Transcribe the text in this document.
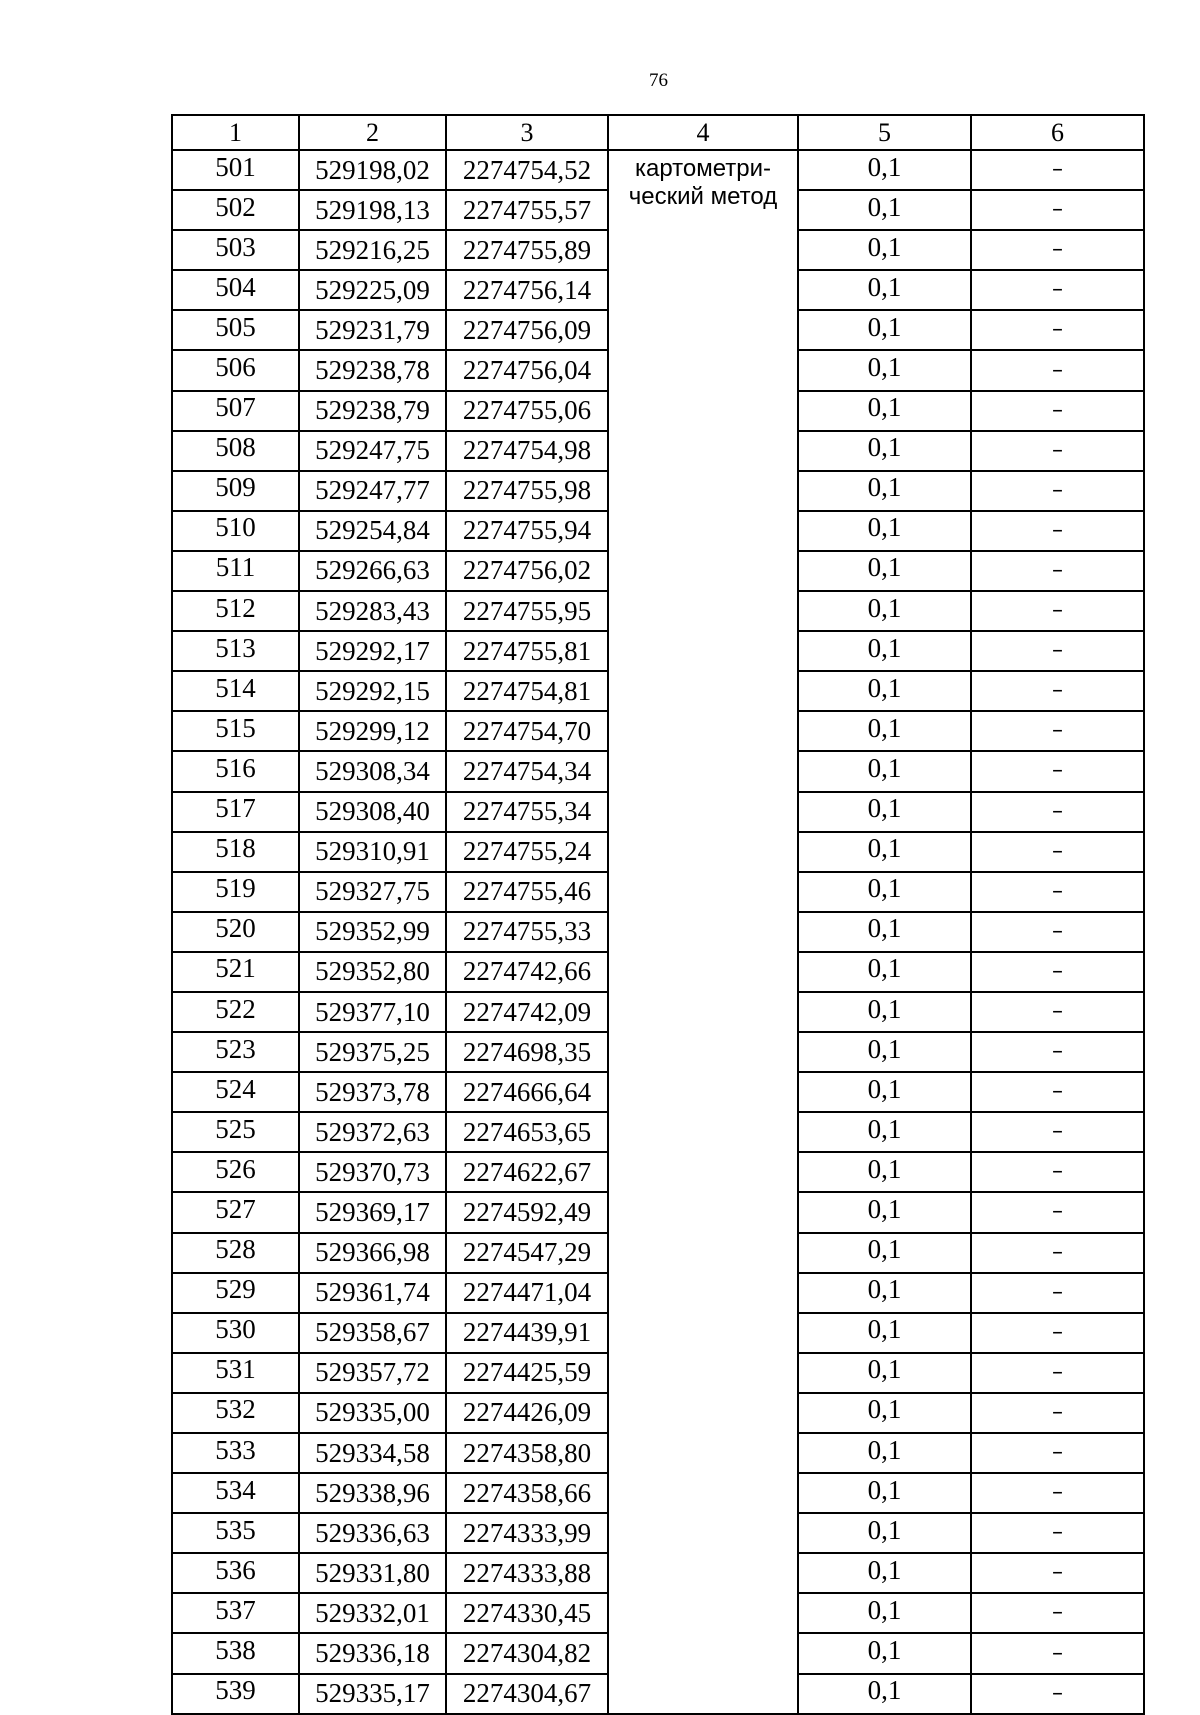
76
1	2	3	4	5	6
501	529198,02	2274754,52	картометри-ческий метод	0,1	–
502	529198,13	2274755,57		0,1	–
503	529216,25	2274755,89		0,1	–
504	529225,09	2274756,14		0,1	–
505	529231,79	2274756,09		0,1	–
506	529238,78	2274756,04		0,1	–
507	529238,79	2274755,06		0,1	–
508	529247,75	2274754,98		0,1	–
509	529247,77	2274755,98		0,1	–
510	529254,84	2274755,94		0,1	–
511	529266,63	2274756,02		0,1	–
512	529283,43	2274755,95		0,1	–
513	529292,17	2274755,81		0,1	–
514	529292,15	2274754,81		0,1	–
515	529299,12	2274754,70		0,1	–
516	529308,34	2274754,34		0,1	–
517	529308,40	2274755,34		0,1	–
518	529310,91	2274755,24		0,1	–
519	529327,75	2274755,46		0,1	–
520	529352,99	2274755,33		0,1	–
521	529352,80	2274742,66		0,1	–
522	529377,10	2274742,09		0,1	–
523	529375,25	2274698,35		0,1	–
524	529373,78	2274666,64		0,1	–
525	529372,63	2274653,65		0,1	–
526	529370,73	2274622,67		0,1	–
527	529369,17	2274592,49		0,1	–
528	529366,98	2274547,29		0,1	–
529	529361,74	2274471,04		0,1	–
530	529358,67	2274439,91		0,1	–
531	529357,72	2274425,59		0,1	–
532	529335,00	2274426,09		0,1	–
533	529334,58	2274358,80		0,1	–
534	529338,96	2274358,66		0,1	–
535	529336,63	2274333,99		0,1	–
536	529331,80	2274333,88		0,1	–
537	529332,01	2274330,45		0,1	–
538	529336,18	2274304,82		0,1	–
539	529335,17	2274304,67		0,1	–
